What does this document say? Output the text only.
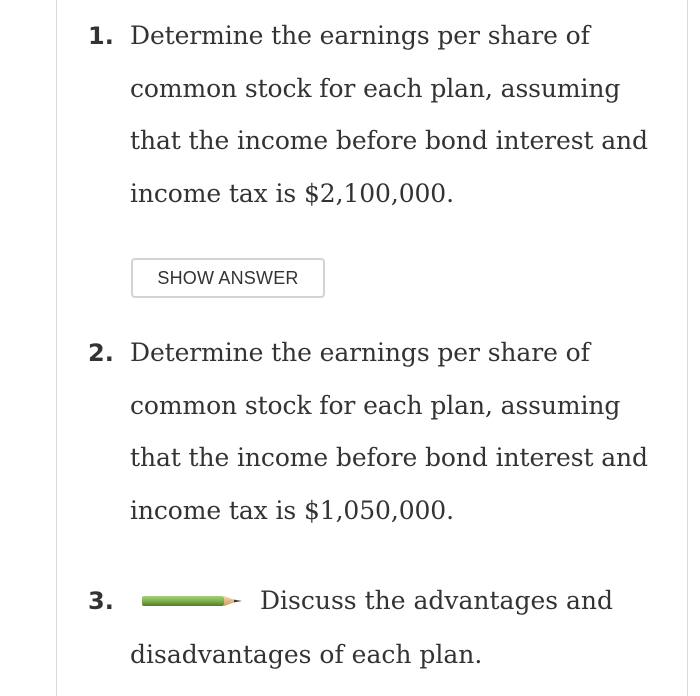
1. Determine the earnings per share of common stock for each plan, assuming that the income before bond interest and income tax is $2,100,000.
SHOW ANSWER
2. Determine the earnings per share of common stock for each plan, assuming that the income before bond interest and income tax is $1,050,000.
3.	Discuss the advantages and
disadvantages of each plan.
